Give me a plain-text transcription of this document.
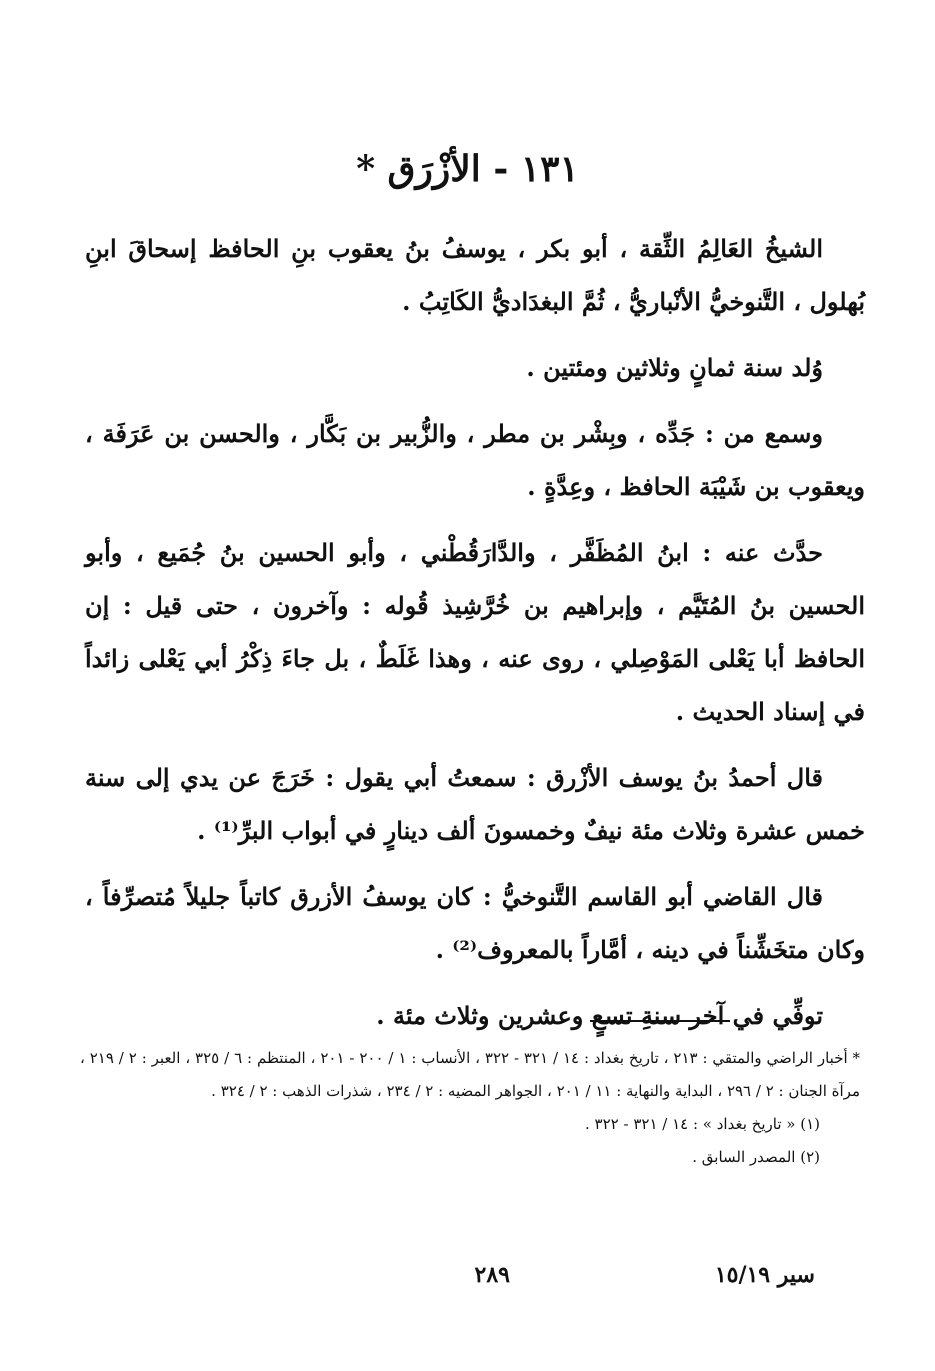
١٣١ - الأزْرَق *

الشيخُ العَالِمُ الثِّقة ، أبو بكر ، يوسفُ بنُ يعقوب بنِ الحافظ إسحاقَ ابنِ بُهلول ، التَّنوخيُّ الأنْباريُّ ، ثُمَّ البغدَاديُّ الكَاتِبُ .

وُلد سنة ثمانٍ وثلاثين ومئتين .

وسمع من : جَدِّه ، وبِشْر بن مطر ، والزُّبير بن بَكَّار ، والحسن بن عَرَفَة ، ويعقوب بن شَيْبَة الحافظ ، وعِدَّةٍ .

حدَّث عنه : ابنُ المُظَفَّر ، والدَّارَقُطْني ، وأبو الحسين بنُ جُمَيع ، وأبو الحسين بنُ المُتَيَّم ، وإبراهيم بن خُرَّشِيذ قُوله : وآخرون ، حتى قيل : إن الحافظ أبا يَعْلى المَوْصِلي ، روى عنه ، وهذا غَلَطٌ ، بل جاءَ ذِكْرُ أبي يَعْلى زائداً في إسناد الحديث .

قال أحمدُ بنُ يوسف الأزْرق : سمعتُ أبي يقول : خَرَجَ عن يدي إلى سنة خمس عشرة وثلاث مئة نيفٌ وخمسونَ ألف دينارٍ في أبواب البرِّ⁽¹⁾ .

قال القاضي أبو القاسم التَّنوخيُّ : كان يوسفُ الأزرق كاتباً جليلاً مُتصرِّفاً ، وكان متخَشِّناً في دينه ، أمَّاراً بالمعروف⁽²⁾ .

توفِّي في آخر سنةِ تسعٍ وعشرين وثلاث مئة .

* أخبار الراضي والمتقي : ٢١٣ ، تاريخ بغداد : ١٤ / ٣٢١ - ٣٢٢ ، الأنساب : ١ / ٢٠٠ - ٢٠١ ، المنتظم : ٦ / ٣٢٥ ، العبر : ٢ / ٢١٩ ، مرآة الجنان : ٢ / ٢٩٦ ، البداية والنهاية : ١١ / ٢٠١ ، الجواهر المضيه : ٢ / ٢٣٤ ، شذرات الذهب : ٢ / ٣٢٤ .

(١) « تاريخ بغداد » : ١٤ / ٣٢١ - ٣٢٢ .

(٢) المصدر السابق .

سير ١٥/١٩
٢٨٩
